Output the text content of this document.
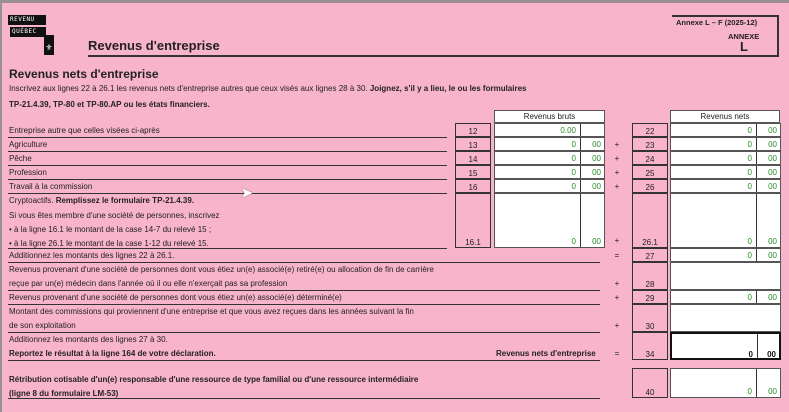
REVENU
QUÉBEC
⚜	Revenus d'entreprise
Annexe L – F (2025-12)
ANNEXE
L
Revenus nets d'entreprise
Inscrivez aux lignes 22 à 26.1 les revenus nets d'entreprise autres que ceux visés aux lignes 28 à 30. Joignez, s'il y a lieu, le ou les formulaires
TP-21.4.39, TP-80 et TP-80.AP ou les états financiers.
Revenus bruts	Revenus nets
Entreprise autre que celles visées ci-après	12	0.00	22	0	00
Agriculture	13	0	00	+	23	0	00
Pêche	14	0	00	+	24	0	00
Profession	15	0	00	+	25	0	00
Travail à la commission	16	0	00	+	26	0	00
Cryptoactifs. Remplissez le formulaire TP-21.4.39.
Si vous êtes membre d'une société de personnes, inscrivez
• à la ligne 16.1 le montant de la case 14-7 du relevé 15 ;
• à la ligne 26.1 le montant de la case 1-12 du relevé 15.	16.1	0	00	+	26.1	0	00
Additionnez les montants des lignes 22 à 26.1.	=	27	0	00
Revenus provenant d'une société de personnes dont vous étiez un(e) associé(e) retiré(e) ou allocation de fin de carrière
reçue par un(e) médecin dans l'année où il ou elle n'exerçait pas sa profession	+	28
Revenus provenant d'une société de personnes dont vous étiez un(e) associé(e) déterminé(e)	+	29	0	00
Montant des commissions qui proviennent d'une entreprise et que vous avez reçues dans les années suivant la fin
de son exploitation	+	30
Additionnez les montants des lignes 27 à 30.
Reportez le résultat à la ligne 164 de votre déclaration.	Revenus nets d'entreprise	=	34	0	00
Rétribution cotisable d'un(e) responsable d'une ressource de type familial ou d'une ressource intermédiaire
(ligne 8 du formulaire LM-53)	40	0	00
➤
